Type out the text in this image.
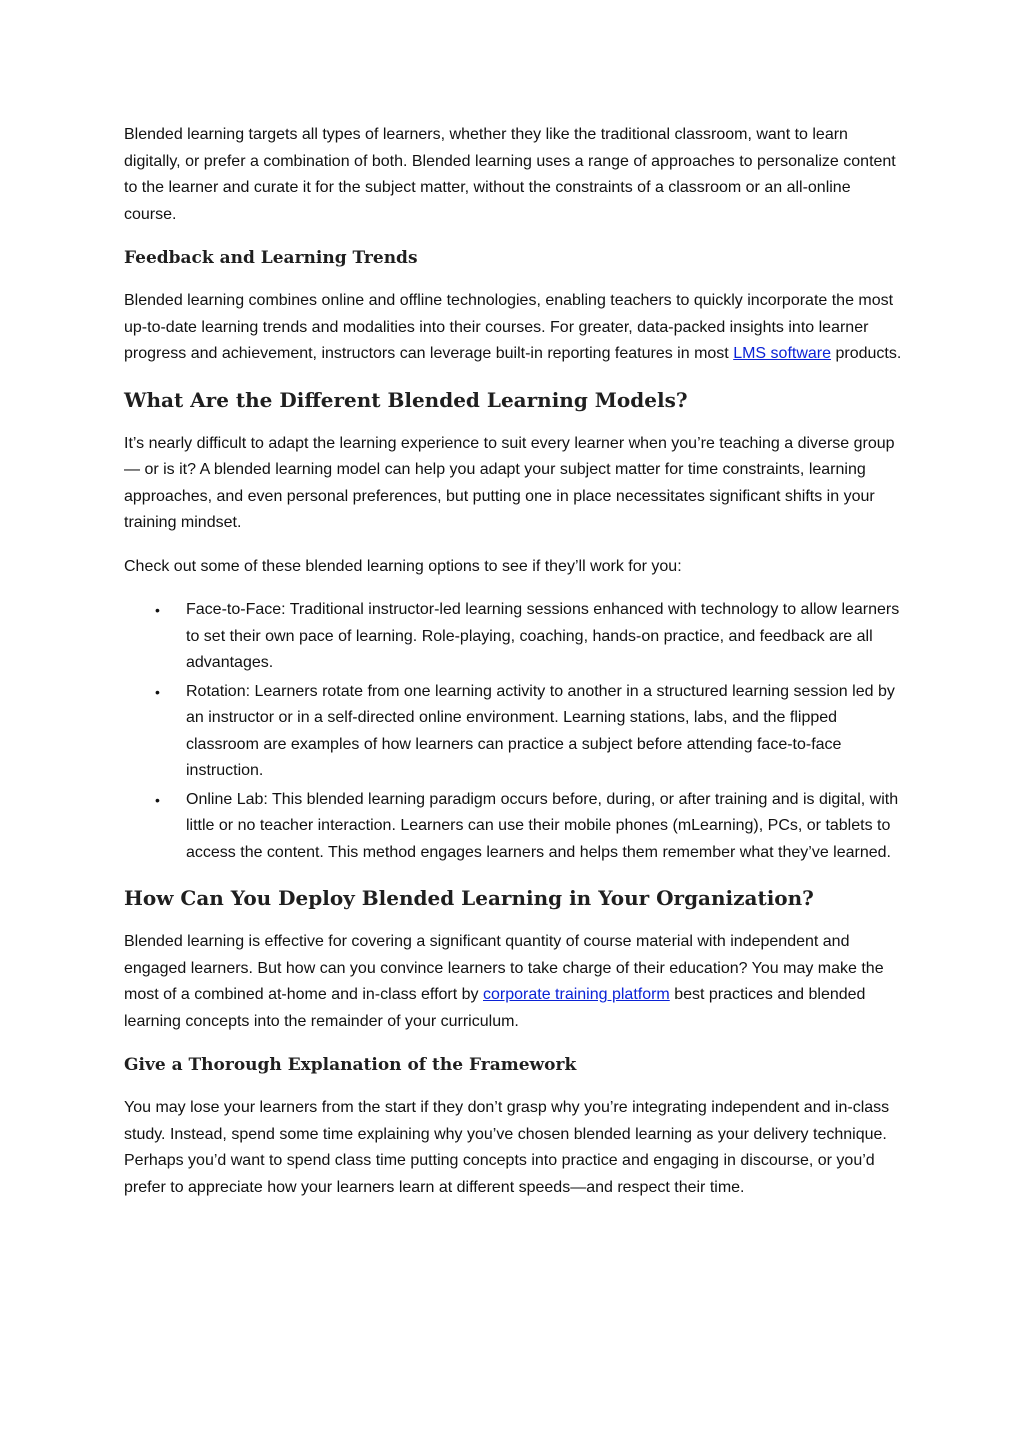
Blended learning targets all types of learners, whether they like the traditional classroom, want to learn digitally, or prefer a combination of both. Blended learning uses a range of approaches to personalize content to the learner and curate it for the subject matter, without the constraints of a classroom or an all-online course.

Feedback and Learning Trends

Blended learning combines online and offline technologies, enabling teachers to quickly incorporate the most up-to-date learning trends and modalities into their courses. For greater, data-packed insights into learner progress and achievement, instructors can leverage built-in reporting features in most LMS software products.

What Are the Different Blended Learning Models?

It’s nearly difficult to adapt the learning experience to suit every learner when you’re teaching a diverse group — or is it? A blended learning model can help you adapt your subject matter for time constraints, learning approaches, and even personal preferences, but putting one in place necessitates significant shifts in your training mindset.

Check out some of these blended learning options to see if they’ll work for you:

• Face-to-Face: Traditional instructor-led learning sessions enhanced with technology to allow learners to set their own pace of learning. Role-playing, coaching, hands-on practice, and feedback are all advantages.
• Rotation: Learners rotate from one learning activity to another in a structured learning session led by an instructor or in a self-directed online environment. Learning stations, labs, and the flipped classroom are examples of how learners can practice a subject before attending face-to-face instruction.
• Online Lab: This blended learning paradigm occurs before, during, or after training and is digital, with little or no teacher interaction. Learners can use their mobile phones (mLearning), PCs, or tablets to access the content. This method engages learners and helps them remember what they’ve learned.
How Can You Deploy Blended Learning in Your Organization?

Blended learning is effective for covering a significant quantity of course material with independent and engaged learners. But how can you convince learners to take charge of their education? You may make the most of a combined at-home and in-class effort by corporate training platform best practices and blended learning concepts into the remainder of your curriculum.

Give a Thorough Explanation of the Framework

You may lose your learners from the start if they don’t grasp why you’re integrating independent and in-class study. Instead, spend some time explaining why you’ve chosen blended learning as your delivery technique. Perhaps you’d want to spend class time putting concepts into practice and engaging in discourse, or you’d prefer to appreciate how your learners learn at different speeds—and respect their time.
